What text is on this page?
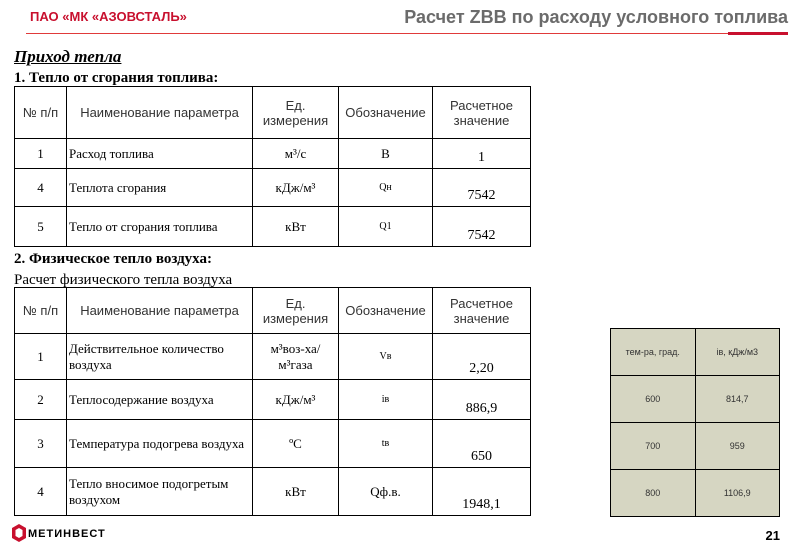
ПАО «МК «АЗОВСТАЛЬ»	Расчет ZBB по расходу условного топлива
Приход тепла
1. Тепло от сгорания топлива:
№ п/п	Наименование параметра	Ед. измерения	Обозначение	Расчетное значение
1	Расход топлива	м³/с	В	1
4	Теплота сгорания	кДж/м³	Qн	7542
5	Тепло от сгорания топлива	кВт	Q1	7542
2. Физическое тепло воздуха:
Расчет физического тепла воздуха
№ п/п	Наименование параметра	Ед. измерения	Обозначение	Расчетное значение
1	Действительное количество воздуха	м³воз-ха/м³газа	Vв	2,20
2	Теплосодержание воздуха	кДж/м³	iв	886,9
3	Температура подогрева воздуха	ºС	tв	650
4	Тепло вносимое подогретым воздухом	кВт	Qф.в.	1948,1
тем-ра, град.	iв, кДж/м3
600	814,7
700	959
800	1106,9
МЕТИНВЕСТ	21
